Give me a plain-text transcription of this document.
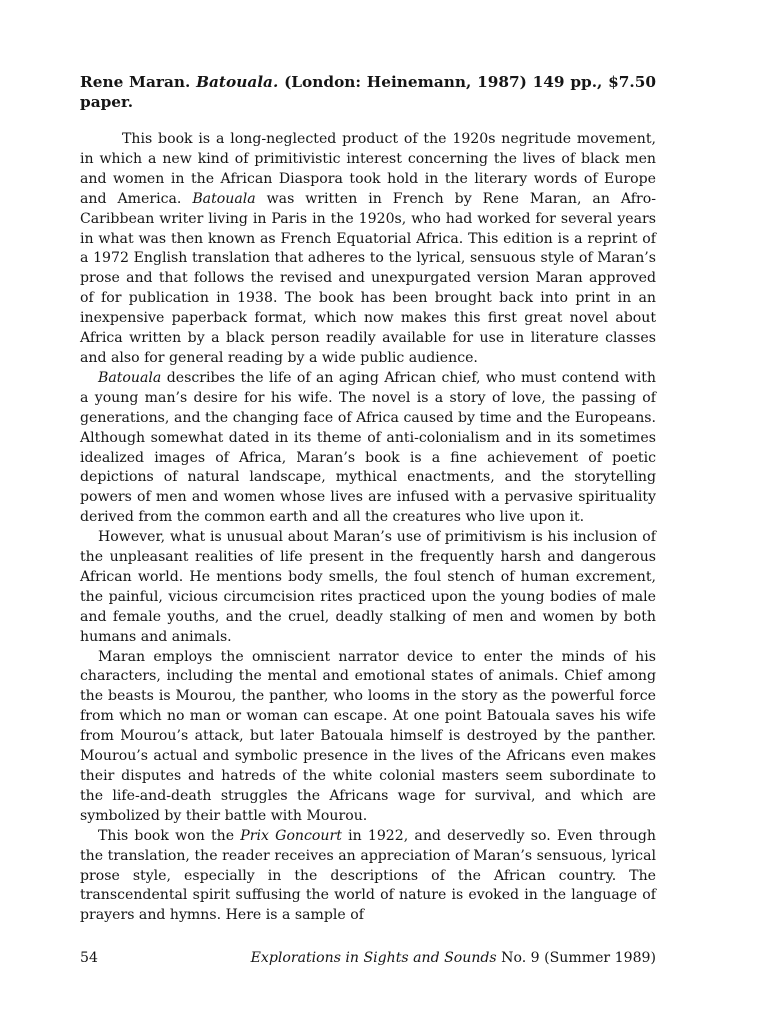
Rene Maran. Batouala. (London: Heinemann, 1987) 149 pp., $7.50 paper.

This book is a long-neglected product of the 1920s negritude movement, in which a new kind of primitivistic interest concerning the lives of black men and women in the African Diaspora took hold in the literary words of Europe and America. Batouala was written in French by Rene Maran, an Afro-Caribbean writer living in Paris in the 1920s, who had worked for several years in what was then known as French Equatorial Africa. This edition is a reprint of a 1972 English translation that adheres to the lyrical, sensuous style of Maran’s prose and that follows the revised and unexpurgated version Maran approved of for publication in 1938. The book has been brought back into print in an inexpensive paperback format, which now makes this first great novel about Africa written by a black person readily available for use in literature classes and also for general reading by a wide public audience.

Batouala describes the life of an aging African chief, who must contend with a young man’s desire for his wife. The novel is a story of love, the passing of generations, and the changing face of Africa caused by time and the Europeans. Although somewhat dated in its theme of anti-colonialism and in its sometimes idealized images of Africa, Maran’s book is a fine achievement of poetic depictions of natural landscape, mythical enactments, and the storytelling powers of men and women whose lives are infused with a pervasive spirituality derived from the common earth and all the creatures who live upon it.

However, what is unusual about Maran’s use of primitivism is his inclusion of the unpleasant realities of life present in the frequently harsh and dangerous African world. He mentions body smells, the foul stench of human excrement, the painful, vicious circumcision rites practiced upon the young bodies of male and female youths, and the cruel, deadly stalking of men and women by both humans and animals.

Maran employs the omniscient narrator device to enter the minds of his characters, including the mental and emotional states of animals. Chief among the beasts is Mourou, the panther, who looms in the story as the powerful force from which no man or woman can escape. At one point Batouala saves his wife from Mourou’s attack, but later Batouala himself is destroyed by the panther. Mourou’s actual and symbolic presence in the lives of the Africans even makes their disputes and hatreds of the white colonial masters seem subordinate to the life-and-death struggles the Africans wage for survival, and which are symbolized by their battle with Mourou.

This book won the Prix Goncourt in 1922, and deservedly so. Even through the translation, the reader receives an appreciation of Maran’s sensuous, lyrical prose style, especially in the descriptions of the African country. The transcendental spirit suffusing the world of nature is evoked in the language of prayers and hymns. Here is a sample of

54	Explorations in Sights and Sounds No. 9 (Summer 1989)
